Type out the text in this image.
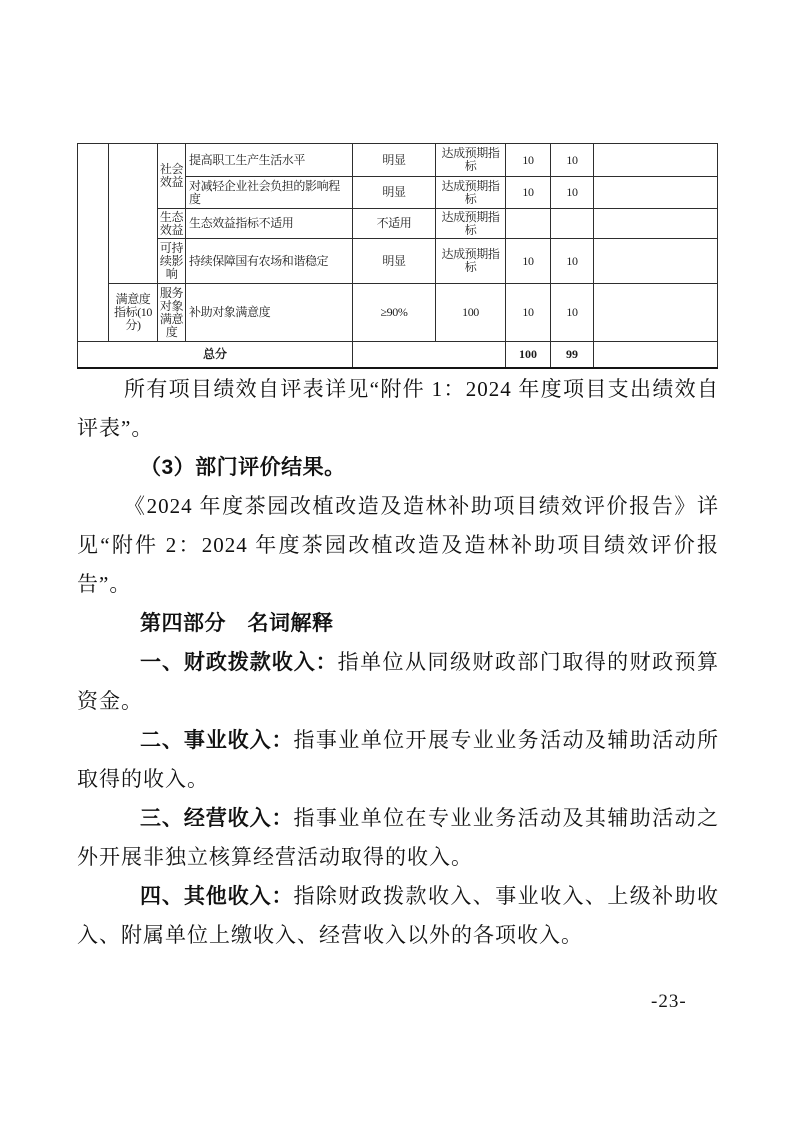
		社会效益	提高职工生产生活水平	明显	达成预期指标	10	10	
			对减轻企业社会负担的影响程度	明显	达成预期指标	10	10	
		生态效益	生态效益指标不适用	不适用	达成预期指标			
		可持续影响	持续保障国有农场和谐稳定	明显	达成预期指标	10	10	
	满意度指标(10 分)	服务对象满意度	补助对象满意度	≥90%	100	10	10	
总分						100	99	

所有项目绩效自评表详见“附件 1：2024 年度项目支出绩效自评表”。

（3）部门评价结果。

《2024 年度茶园改植改造及造林补助项目绩效评价报告》详见“附件 2：2024 年度茶园改植改造及造林补助项目绩效评价报告”。

第四部分　名词解释

一、财政拨款收入：指单位从同级财政部门取得的财政预算资金。

二、事业收入：指事业单位开展专业业务活动及辅助活动所取得的收入。

三、经营收入：指事业单位在专业业务活动及其辅助活动之外开展非独立核算经营活动取得的收入。

四、其他收入：指除财政拨款收入、事业收入、上级补助收入、附属单位上缴收入、经营收入以外的各项收入。

-23-
